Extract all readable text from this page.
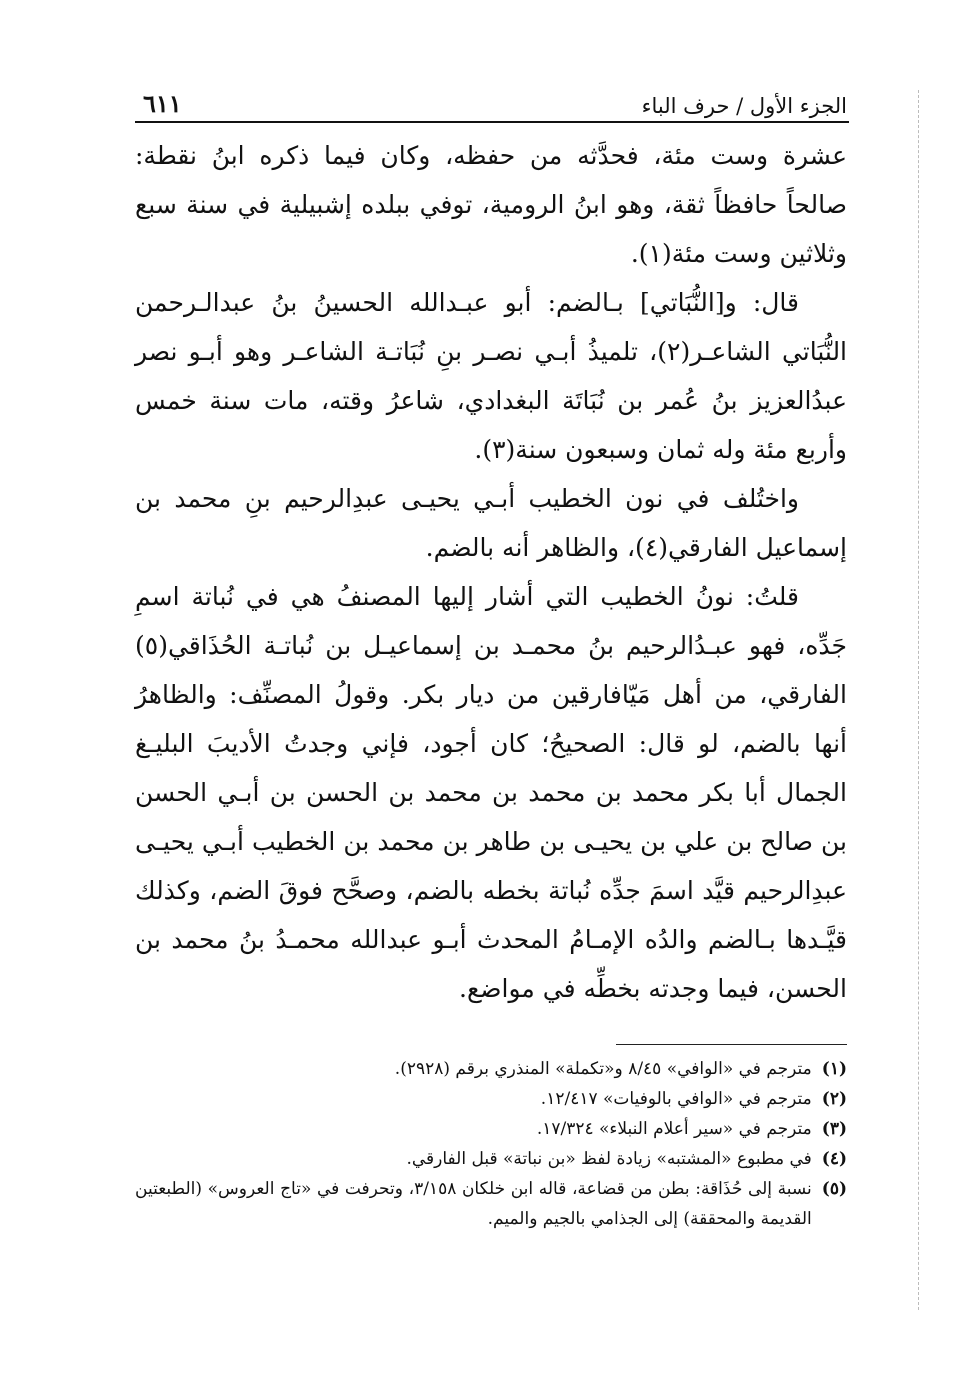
الجزء الأول / حرف الباء
٦١١

عشرة وست مئة، فحدَّثه من حفظه، وكان فيما ذكره ابنُ نقطة: صالحاً حافظاً ثقة، وهو ابنُ الرومية، توفي ببلده إشبيلية في سنة سبع وثلاثين وست مئة(١).

قال: و[النُّبَاتي] بـالضم: أبو عبـدالله الحسينُ بنُ عبدالـرحمن النُّبَاتي الشاعـر(٢)، تلميذُ أبـي نصـر بنِ نُبَاتـة الشاعـر وهو أبـو نصر عبدُالعزيز بنُ عُمر بن نُبَاتَة البغدادي، شاعرُ وقته، مات سنة خمس وأربع مئة وله ثمان وسبعون سنة(٣).

واختُلف في نون الخطيب أبـي يحيـى عبدِالرحيم بنِ محمد بن إسماعيل الفارقي(٤)، والظاهر أنه بالضم.

قلتُ: نونُ الخطيب التي أشار إليها المصنفُ هي في نُباتة اسمِ جَدِّه، فهو عبـدُالرحيم بنُ محمـد بن إسماعيـل بن نُباتـة الحُذَاقي(٥) الفارقي، من أهل مَيّافارقين من ديار بكر. وقولُ المصنِّف: والظاهرُ أنها بالضم، لو قال: الصحيحُ؛ كان أجود، فإني وجدتُ الأديبَ البليـغ الجمال أبا بكر محمد بن محمد بن محمد بن الحسن بن أبـي الحسن بن صالح بن علي بن يحيـى بن طاهر بن محمد بن الخطيب أبـي يحيـى عبدِالرحيم قيَّد اسمَ جدِّه نُباتة بخطه بالضم، وصحَّح فوقَ الضم، وكذلك قيَّـدها بـالضم والدُه الإمـامُ المحدث أبـو عبدالله محمـدُ بنُ محمد بن الحسن، فيما وجدته بخطِّه في مواضع.

(١)
مترجم في «الوافي» ٨/٤٥ و«تكملة» المنذري برقم (٢٩٢٨).
(٢)
مترجم في «الوافي بالوفيات» ١٢/٤١٧.
(٣)
مترجم في «سير أعلام النبلاء» ١٧/٣٢٤.
(٤)
في مطبوع «المشتبه» زيادة لفظ «بن نباتة» قبل الفارقي.
(٥)
نسبة إلى حُذَاقة: بطن من قضاعة، قاله ابن خلكان ٣/١٥٨، وتحرفت في «تاج العروس» (الطبعتين القديمة والمحققة) إلى الجذامي بالجيم والميم.
